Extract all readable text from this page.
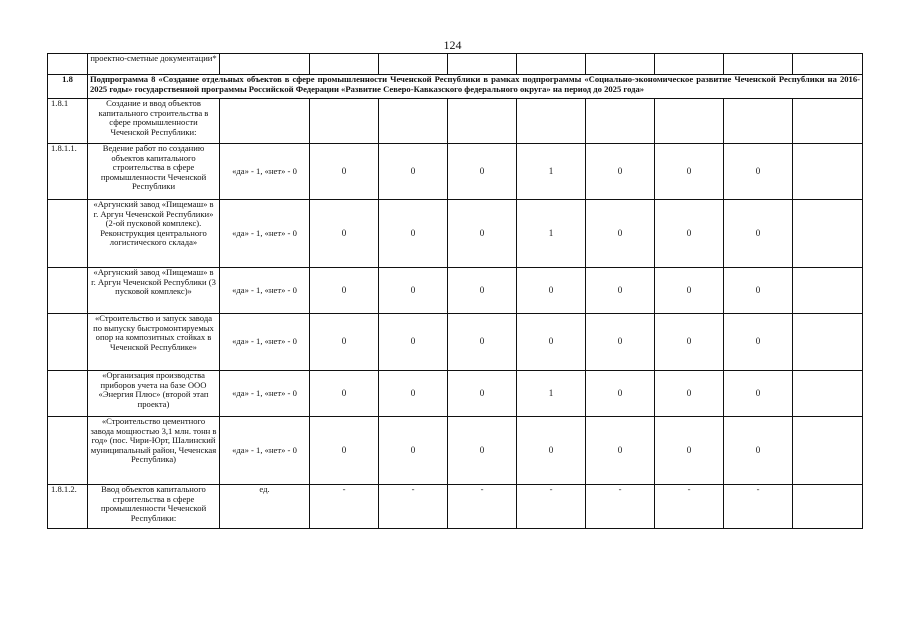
124
	проектно-сметные документации*									
1.8	Подпрограмма 8 «Создание отдельных объектов в сфере промышленности Чеченской Республики в рамках подпрограммы «Социально-экономическое развитие Чеченской Республики на 2016-2025 годы» государственной программы Российской Федерации «Развитие Северо-Кавказского федерального округа» на период до 2025 года»									
1.8.1	Создание и ввод объектов капитального строительства в сфере промышленности Чеченской Республики:									
1.8.1.1.	Ведение работ по созданию объектов капитального строительства в сфере промышленности Чеченской Республики	«да» - 1, «нет» - 0	0	0	0	1	0	0	0	
	«Аргунский завод «Пищемаш» в г. Аргун Чеченской Республики» (2-ой пусковой комплекс). Реконструкция центрального логистического склада»	«да» - 1, «нет» - 0	0	0	0	1	0	0	0	
	«Аргунский завод «Пищемаш» в г. Аргун Чеченской Республики (3 пусковой комплекс)»	«да» - 1, «нет» - 0	0	0	0	0	0	0	0	
	«Строительство и запуск завода по выпуску быстромонтируемых опор на композитных стойках в Чеченской Республике»	«да» - 1, «нет» - 0	0	0	0	0	0	0	0	
	«Организация производства приборов учета на базе ООО «Энергия Плюс» (второй этап проекта)	«да» - 1, «нет» - 0	0	0	0	1	0	0	0	
	«Строительство цементного завода мощностью 3,1 млн. тонн в год» (пос. Чири-Юрт, Шалинский муниципальный район, Чеченская Республика)	«да» - 1, «нет» - 0	0	0	0	0	0	0	0	
1.8.1.2.	Ввод объектов капитального строительства в сфере промышленности Чеченской Республики:	ед.	-	-	-	-	-	-	-	
